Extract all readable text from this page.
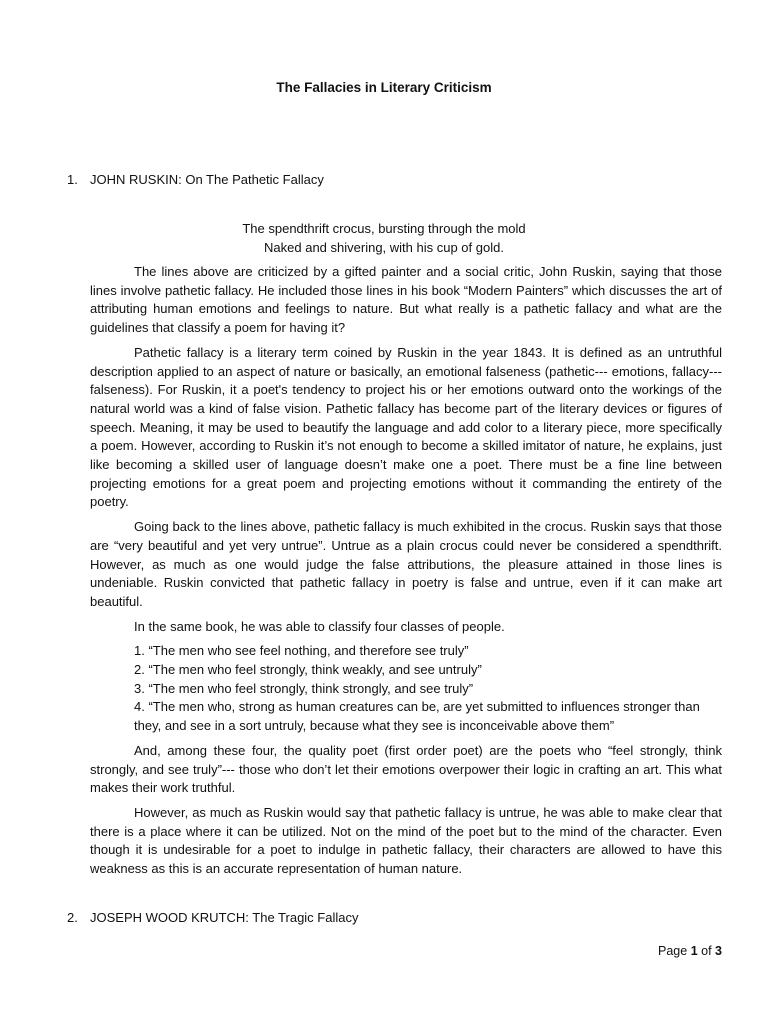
The Fallacies in Literary Criticism
1. JOHN RUSKIN: On The Pathetic Fallacy
The spendthrift crocus, bursting through the mold
Naked and shivering, with his cup of gold.

The lines above are criticized by a gifted painter and a social critic, John Ruskin, saying that those lines involve pathetic fallacy. He included those lines in his book “Modern Painters” which discusses the art of attributing human emotions and feelings to nature. But what really is a pathetic fallacy and what are the guidelines that classify a poem for having it?

Pathetic fallacy is a literary term coined by Ruskin in the year 1843. It is defined as an untruthful description applied to an aspect of nature or basically, an emotional falseness (pathetic--- emotions, fallacy--- falseness). For Ruskin, it a poet's tendency to project his or her emotions outward onto the workings of the natural world was a kind of false vision. Pathetic fallacy has become part of the literary devices or figures of speech. Meaning, it may be used to beautify the language and add color to a literary piece, more specifically a poem. However, according to Ruskin it’s not enough to become a skilled imitator of nature, he explains, just like becoming a skilled user of language doesn’t make one a poet. There must be a fine line between projecting emotions for a great poem and projecting emotions without it commanding the entirety of the poetry.

Going back to the lines above, pathetic fallacy is much exhibited in the crocus. Ruskin says that those are “very beautiful and yet very untrue”. Untrue as a plain crocus could never be considered a spendthrift. However, as much as one would judge the false attributions, the pleasure attained in those lines is undeniable. Ruskin convicted that pathetic fallacy in poetry is false and untrue, even if it can make art beautiful.

In the same book, he was able to classify four classes of people.

1. “The men who see feel nothing, and therefore see truly”
2. “The men who feel strongly, think weakly, and see untruly”
3. “The men who feel strongly, think strongly, and see truly”
4. “The men who, strong as human creatures can be, are yet submitted to influences stronger than they, and see in a sort untruly, because what they see is inconceivable above them”

And, among these four, the quality poet (first order poet) are the poets who “feel strongly, think strongly, and see truly”--- those who don’t let their emotions overpower their logic in crafting an art. This what makes their work truthful.

However, as much as Ruskin would say that pathetic fallacy is untrue, he was able to make clear that there is a place where it can be utilized. Not on the mind of the poet but to the mind of the character. Even though it is undesirable for a poet to indulge in pathetic fallacy, their characters are allowed to have this weakness as this is an accurate representation of human nature.

2. JOSEPH WOOD KRUTCH: The Tragic Fallacy
Page 1 of 3
